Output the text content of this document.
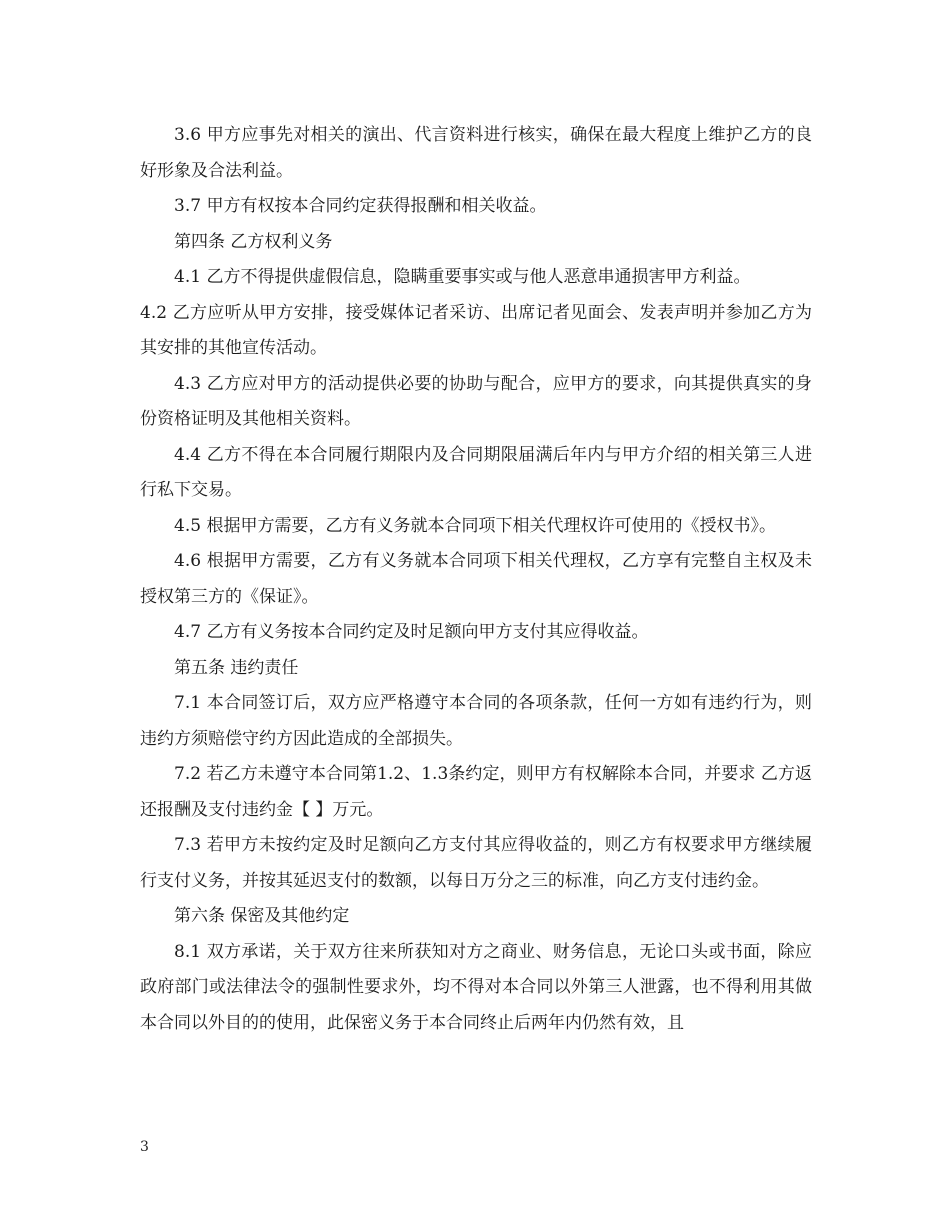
3.6 甲方应事先对相关的演出、代言资料进行核实，确保在最大程度上维护乙方的良好形象及合法利益。

3.7 甲方有权按本合同约定获得报酬和相关收益。

第四条 乙方权利义务

4.1 乙方不得提供虚假信息，隐瞒重要事实或与他人恶意串通损害甲方利益。

4.2 乙方应听从甲方安排，接受媒体记者采访、出席记者见面会、发表声明并参加乙方为其安排的其他宣传活动。

4.3 乙方应对甲方的活动提供必要的协助与配合，应甲方的要求，向其提供真实的身份资格证明及其他相关资料。

4.4 乙方不得在本合同履行期限内及合同期限届满后年内与甲方介绍的相关第三人进行私下交易。

4.5 根据甲方需要，乙方有义务就本合同项下相关代理权许可使用的《授权书》。

4.6 根据甲方需要，乙方有义务就本合同项下相关代理权，乙方享有完整自主权及未授权第三方的《保证》。

4.7 乙方有义务按本合同约定及时足额向甲方支付其应得收益。

第五条 违约责任

7.1 本合同签订后，双方应严格遵守本合同的各项条款，任何一方如有违约行为，则违约方须赔偿守约方因此造成的全部损失。

7.2 若乙方未遵守本合同第1.2、1.3条约定，则甲方有权解除本合同，并要求 乙方返还报酬及支付违约金【 】万元。

7.3 若甲方未按约定及时足额向乙方支付其应得收益的，则乙方有权要求甲方继续履行支付义务，并按其延迟支付的数额，以每日万分之三的标准，向乙方支付违约金。

第六条 保密及其他约定

8.1 双方承诺，关于双方往来所获知对方之商业、财务信息，无论口头或书面，除应政府部门或法律法令的强制性要求外，均不得对本合同以外第三人泄露，也不得利用其做本合同以外目的的使用，此保密义务于本合同终止后两年内仍然有效，且

3
